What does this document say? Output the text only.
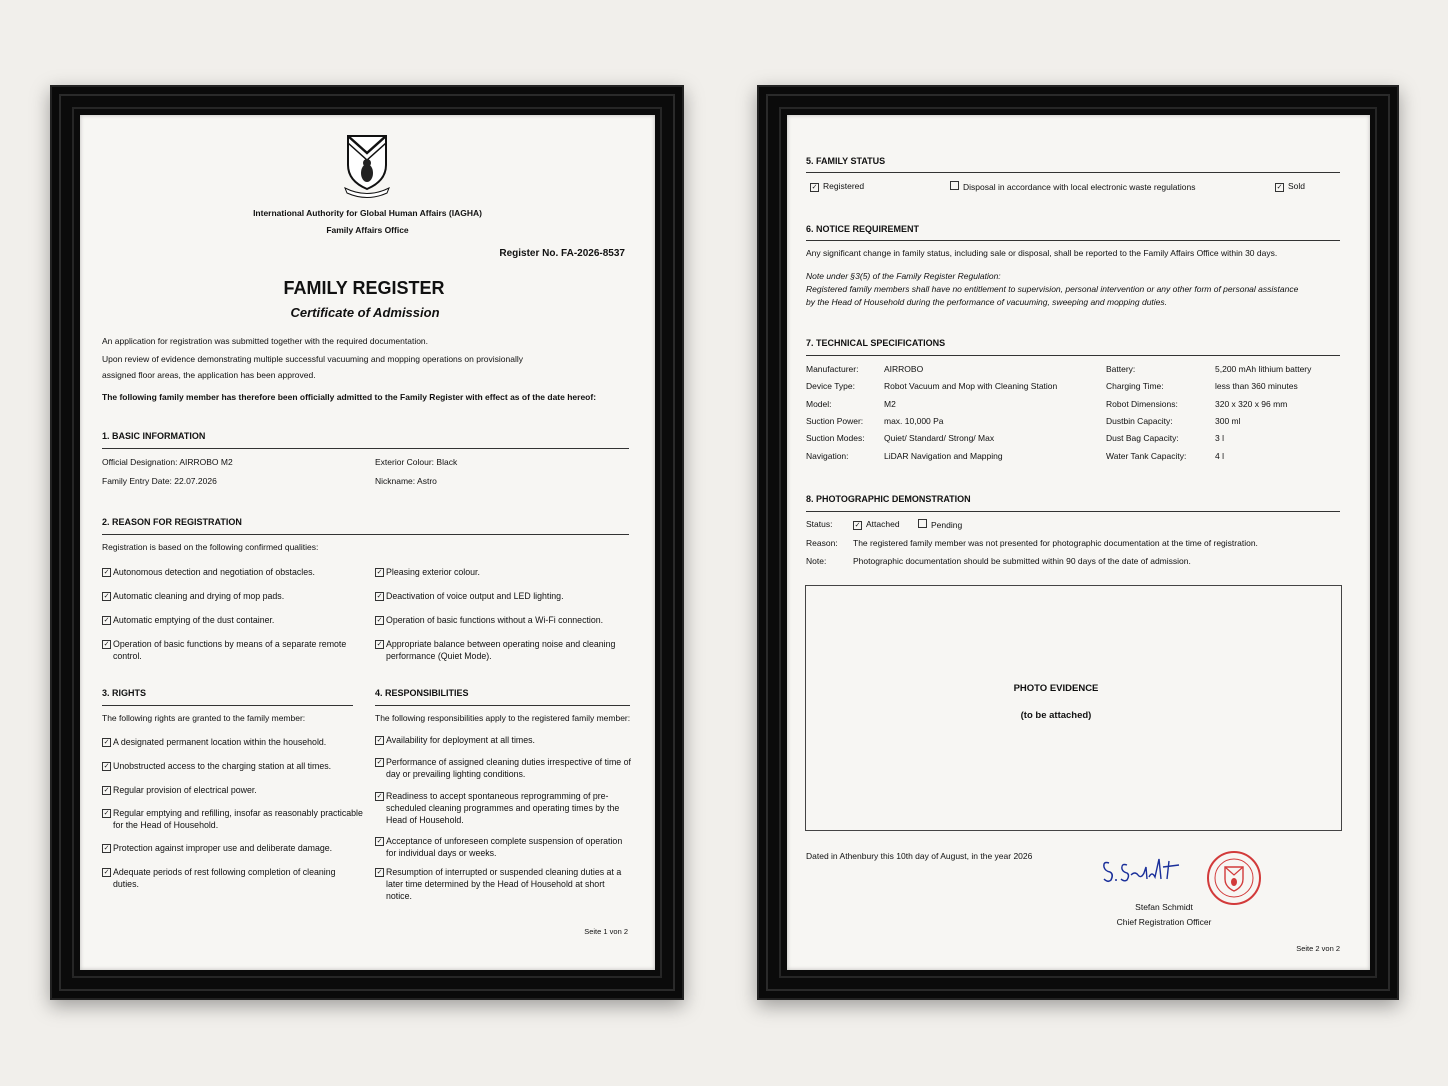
International Authority for Global Human Affairs (IAGHA)
Family Affairs Office
Register No. FA-2026-8537
FAMILY REGISTER
Certificate of Admission
An application for registration was submitted together with the required documentation.
Upon review of evidence demonstrating multiple successful vacuuming and mopping operations on provisionally
assigned floor areas, the application has been approved.
The following family member has therefore been officially admitted to the Family Register with effect as of the date hereof:
1. BASIC INFORMATION
Official Designation: AIRROBO M2
Family Entry Date: 22.07.2026
Exterior Colour: Black
Nickname: Astro
2. REASON FOR REGISTRATION
Registration is based on the following confirmed qualities:
✓ Autonomous detection and negotiation of obstacles.
✓ Automatic cleaning and drying of mop pads.
✓ Automatic emptying of the dust container.
✓ Operation of basic functions by means of a separate remote control.
✓ Pleasing exterior colour.
✓ Deactivation of voice output and LED lighting.
✓ Operation of basic functions without a Wi-Fi connection.
✓ Appropriate balance between operating noise and cleaning performance (Quiet Mode).
3. RIGHTS
The following rights are granted to the family member:
✓ A designated permanent location within the household.
✓ Unobstructed access to the charging station at all times.
✓ Regular provision of electrical power.
✓ Regular emptying and refilling, insofar as reasonably practicable for the Head of Household.
✓ Protection against improper use and deliberate damage.
✓ Adequate periods of rest following completion of cleaning duties.
4. RESPONSIBILITIES
The following responsibilities apply to the registered family member:
✓ Availability for deployment at all times.
✓ Performance of assigned cleaning duties irrespective of time of day or prevailing lighting conditions.
✓ Readiness to accept spontaneous reprogramming of pre-scheduled cleaning programmes and operating times by the Head of Household.
✓ Acceptance of unforeseen complete suspension of operation for individual days or weeks.
✓ Resumption of interrupted or suspended cleaning duties at a later time determined by the Head of Household at short notice.
Seite 1 von 2
5. FAMILY STATUS
✓ Registered	Disposal in accordance with local electronic waste regulations	✓ Sold
6. NOTICE REQUIREMENT
Any significant change in family status, including sale or disposal, shall be reported to the Family Affairs Office within 30 days.
Note under §3(5) of the Family Register Regulation:
Registered family members shall have no entitlement to supervision, personal intervention or any other form of personal assistance
by the Head of Household during the performance of vacuuming, sweeping and mopping duties.
7. TECHNICAL SPECIFICATIONS
Manufacturer:	AIRROBO
Device Type:	Robot Vacuum and Mop with Cleaning Station
Model:	M2
Suction Power: max. 10,000 Pa
Suction Modes: Quiet/ Standard/ Strong/ Max
Navigation:	LiDAR Navigation and Mapping
Battery:	5,200 mAh lithium battery
Charging Time:	less than 360 minutes
Robot Dimensions:	320 x 320 x 96 mm
Dustbin Capacity:	300 ml
Dust Bag Capacity:	3 l
Water Tank Capacity:	4 l
8. PHOTOGRAPHIC DEMONSTRATION
Status:	✓ Attached	Pending
Reason: The registered family member was not presented for photographic documentation at the time of registration.
Note:	Photographic documentation should be submitted within 90 days of the date of admission.
PHOTO EVIDENCE
(to be attached)
Dated in Athenbury this 10th day of August, in the year 2026
Stefan Schmidt
Chief Registration Officer
Seite 2 von 2
